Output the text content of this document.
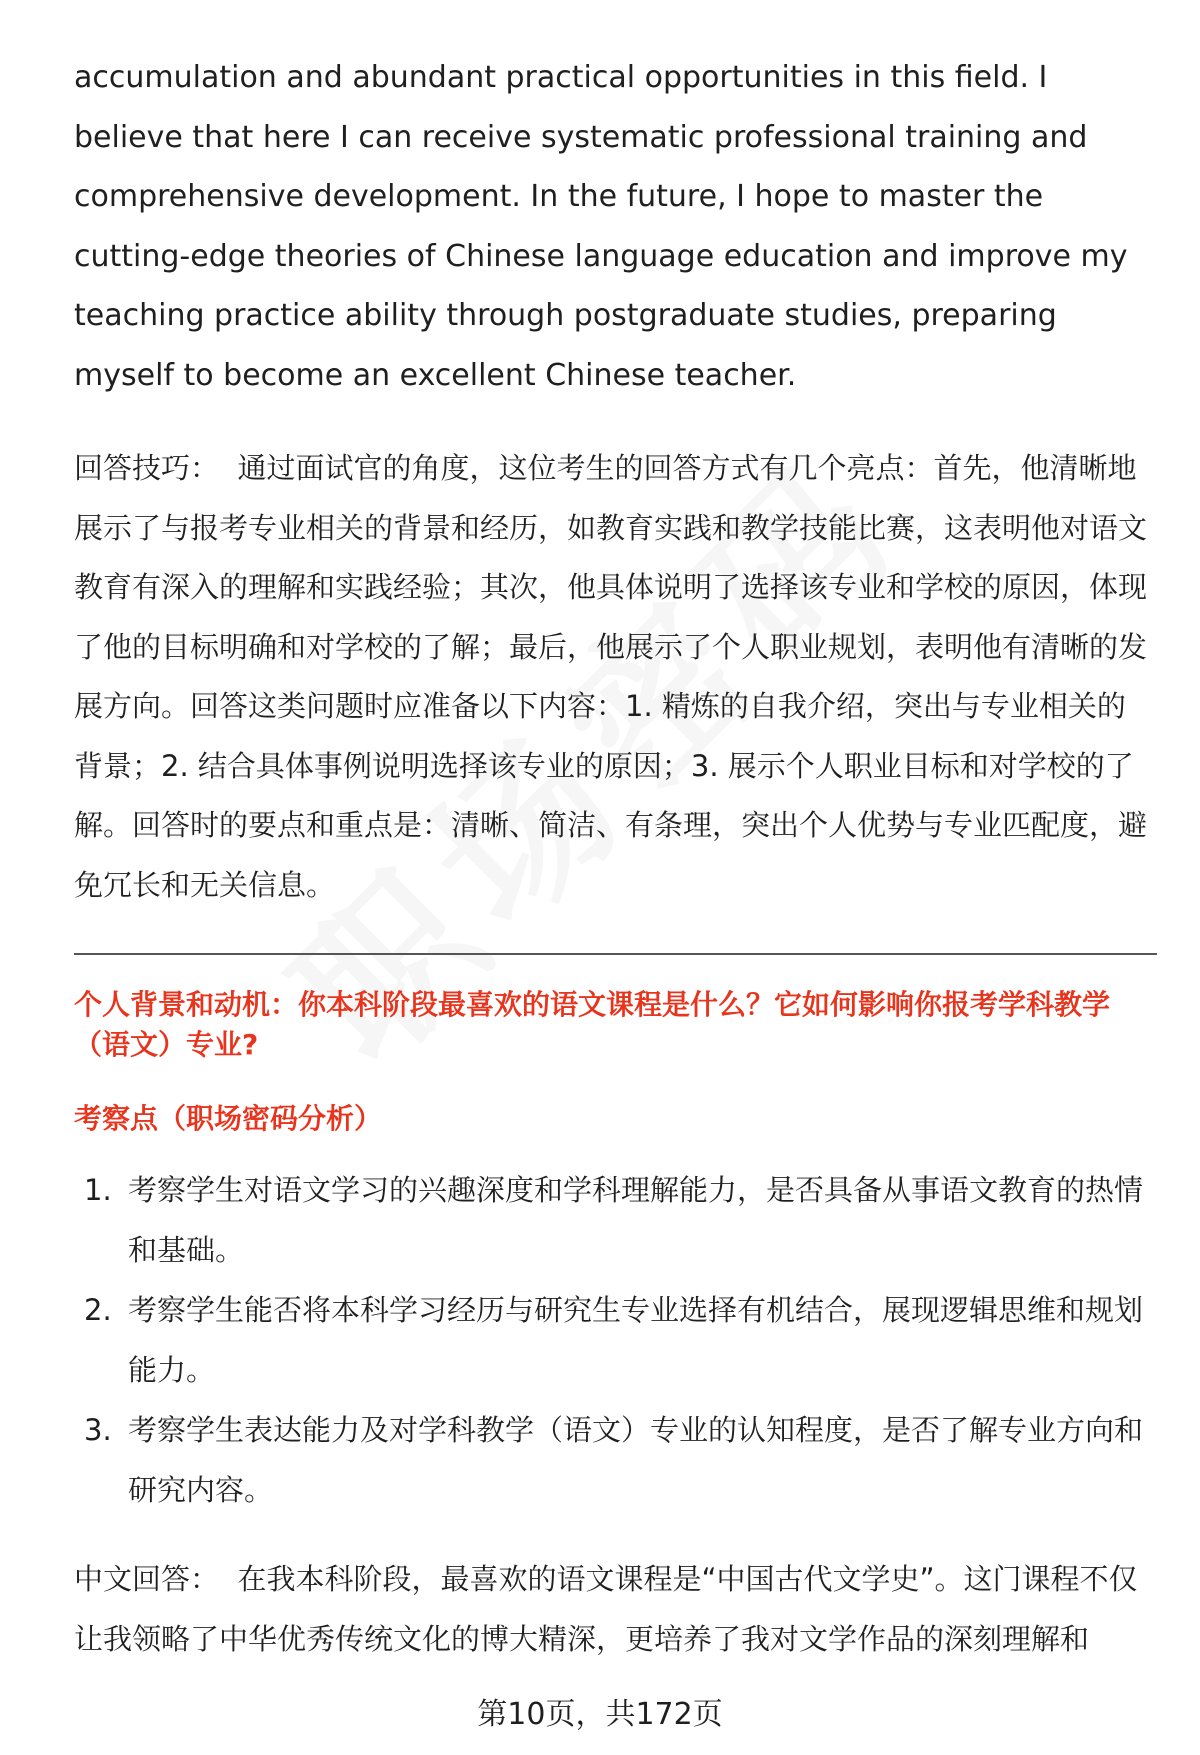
accumulation and abundant practical opportunities in this field. I believe that here I can receive systematic professional training and comprehensive development. In the future, I hope to master the cutting-edge theories of Chinese language education and improve my teaching practice ability through postgraduate studies, preparing myself to become an excellent Chinese teacher.

回答技巧： 通过面试官的角度，这位考生的回答方式有几个亮点：首先，他清晰地展示了与报考专业相关的背景和经历，如教育实践和教学技能比赛，这表明他对语文教育有深入的理解和实践经验；其次，他具体说明了选择该专业和学校的原因，体现了他的目标明确和对学校的了解；最后，他展示了个人职业规划，表明他有清晰的发展方向。回答这类问题时应准备以下内容：1. 精炼的自我介绍，突出与专业相关的背景；2. 结合具体事例说明选择该专业的原因；3. 展示个人职业目标和对学校的了解。回答时的要点和重点是：清晰、简洁、有条理，突出个人优势与专业匹配度，避免冗长和无关信息。

个人背景和动机：你本科阶段最喜欢的语文课程是什么？它如何影响你报考学科教学（语文）专业?

考察点（职场密码分析）

1. 考察学生对语文学习的兴趣深度和学科理解能力，是否具备从事语文教育的热情和基础。
2. 考察学生能否将本科学习经历与研究生专业选择有机结合，展现逻辑思维和规划能力。
3. 考察学生表达能力及对学科教学（语文）专业的认知程度，是否了解专业方向和研究内容。

中文回答： 在我本科阶段，最喜欢的语文课程是“中国古代文学史”。这门课程不仅让我领略了中华优秀传统文化的博大精深，更培养了我对文学作品的深刻理解和

第10页，共172页
